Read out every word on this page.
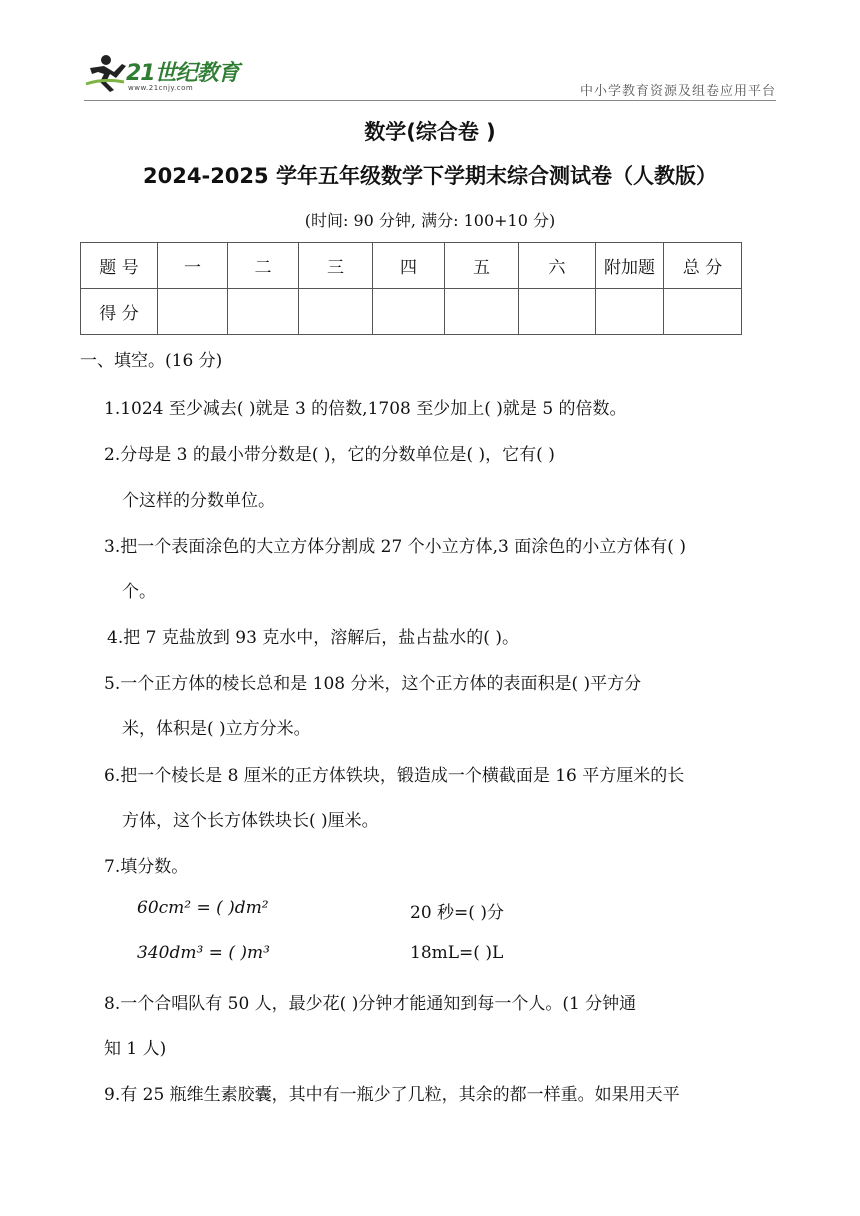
21世纪教育
www.21cnjy.com	中小学教育资源及组卷应用平台
数学(综合卷 )
2024-2025 学年五年级数学下学期末综合测试卷（人教版）
(时间: 90 分钟, 满分: 100+10 分)
题 号	一	二	三	四	五	六	附加题	总 分
得 分								
一、填空。(16 分)
1.1024 至少减去( )就是 3 的倍数,1708 至少加上( )就是 5 的倍数。
2.分母是 3 的最小带分数是( )，它的分数单位是( )，它有( )
个这样的分数单位。
3.把一个表面涂色的大立方体分割成 27 个小立方体,3 面涂色的小立方体有( )
个。
4.把 7 克盐放到 93 克水中，溶解后，盐占盐水的( )。
5.一个正方体的棱长总和是 108 分米，这个正方体的表面积是( )平方分
米，体积是( )立方分米。
6.把一个棱长是 8 厘米的正方体铁块，锻造成一个横截面是 16 平方厘米的长
方体，这个长方体铁块长( )厘米。
7.填分数。
60cm² = ( )dm²	20 秒=( )分
340dm³ = ( )m³	18mL=( )L
8.一个合唱队有 50 人，最少花( )分钟才能通知到每一个人。(1 分钟通
知 1 人)
9.有 25 瓶维生素胶囊，其中有一瓶少了几粒，其余的都一样重。如果用天平
